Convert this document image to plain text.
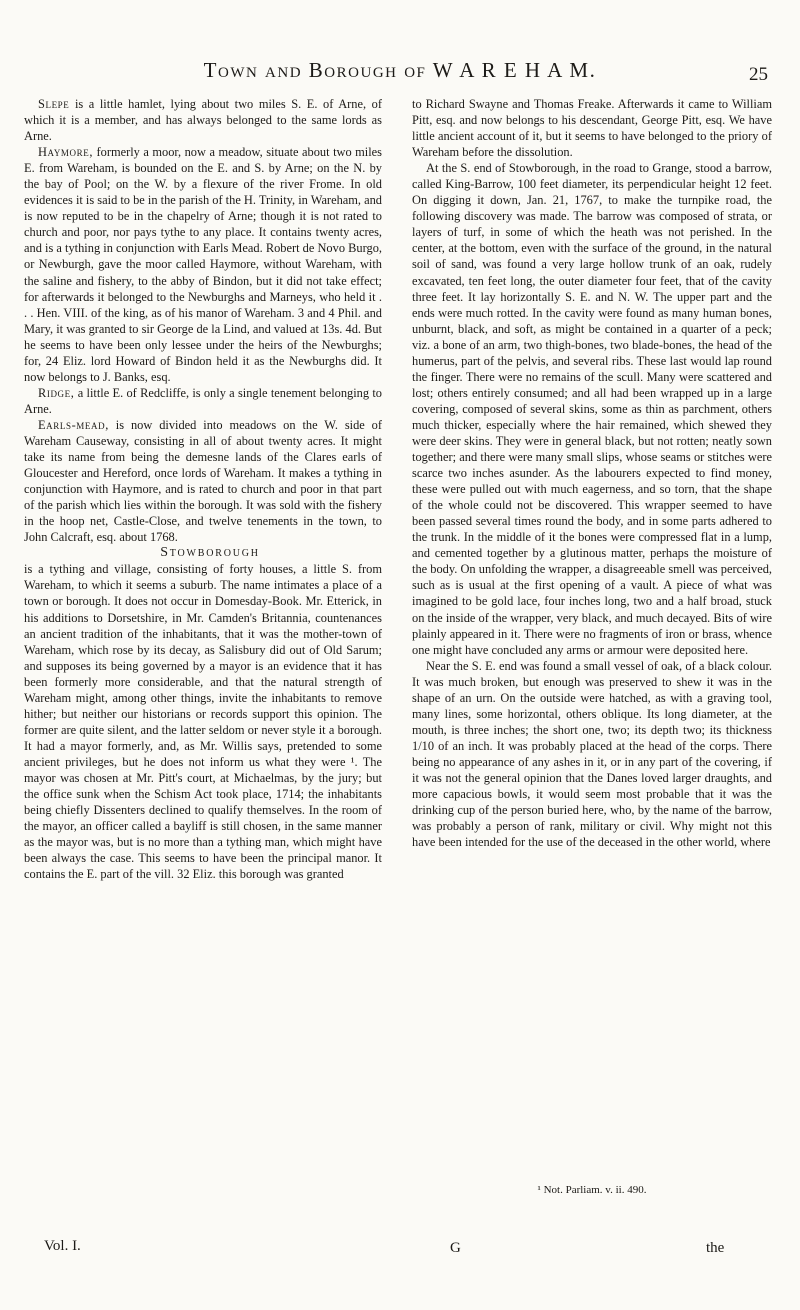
Town and Borough of W A R E H A M.	25

Slepe is a little hamlet, lying about two miles S. E. of Arne, of which it is a member, and has always belonged to the same lords as Arne.

Haymore, formerly a moor, now a meadow, situate about two miles E. from Wareham, is bounded on the E. and S. by Arne; on the N. by the bay of Pool; on the W. by a flexure of the river Frome. In old evidences it is said to be in the parish of the H. Trinity, in Wareham, and is now reputed to be in the chapelry of Arne; though it is not rated to church and poor, nor pays tythe to any place. It contains twenty acres, and is a tything in conjunction with Earls Mead. Robert de Novo Burgo, or Newburgh, gave the moor called Haymore, without Wareham, with the saline and fishery, to the abby of Bindon, but it did not take effect; for afterwards it belonged to the Newburghs and Marneys, who held it . . . Hen. VIII. of the king, as of his manor of Wareham. 3 and 4 Phil. and Mary, it was granted to sir George de la Lind, and valued at 13s. 4d. But he seems to have been only lessee under the heirs of the Newburghs; for, 24 Eliz. lord Howard of Bindon held it as the Newburghs did. It now belongs to J. Banks, esq.

Ridge, a little E. of Redcliffe, is only a single tenement belonging to Arne.

Earls-mead, is now divided into meadows on the W. side of Wareham Causeway, consisting in all of about twenty acres. It might take its name from being the demesne lands of the Clares earls of Gloucester and Hereford, once lords of Wareham. It makes a tything in conjunction with Haymore, and is rated to church and poor in that part of the parish which lies within the borough. It was sold with the fishery in the hoop net, Castle-Close, and twelve tenements in the town, to John Calcraft, esq. about 1768.

Stowborough

is a tything and village, consisting of forty houses, a little S. from Wareham, to which it seems a suburb. The name intimates a place of a town or borough. It does not occur in Domesday-Book. Mr. Etterick, in his additions to Dorsetshire, in Mr. Camden's Britannia, countenances an ancient tradition of the inhabitants, that it was the mother-town of Wareham, which rose by its decay, as Salisbury did out of Old Sarum; and supposes its being governed by a mayor is an evidence that it has been formerly more considerable, and that the natural strength of Wareham might, among other things, invite the inhabitants to remove hither; but neither our historians or records support this opinion. The former are quite silent, and the latter seldom or never style it a borough. It had a mayor formerly, and, as Mr. Willis says, pretended to some ancient privileges, but he does not inform us what they were ¹. The mayor was chosen at Mr. Pitt's court, at Michaelmas, by the jury; but the office sunk when the Schism Act took place, 1714; the inhabitants being chiefly Dissenters declined to qualify themselves. In the room of the mayor, an officer called a bayliff is still chosen, in the same manner as the mayor was, but is no more than a tything man, which might have been always the case. This seems to have been the principal manor. It contains the E. part of the vill. 32 Eliz. this borough was granted

to Richard Swayne and Thomas Freake. Afterwards it came to William Pitt, esq. and now belongs to his descendant, George Pitt, esq. We have little ancient account of it, but it seems to have belonged to the priory of Wareham before the dissolution.

At the S. end of Stowborough, in the road to Grange, stood a barrow, called King-Barrow, 100 feet diameter, its perpendicular height 12 feet. On digging it down, Jan. 21, 1767, to make the turnpike road, the following discovery was made. The barrow was composed of strata, or layers of turf, in some of which the heath was not perished. In the center, at the bottom, even with the surface of the ground, in the natural soil of sand, was found a very large hollow trunk of an oak, rudely excavated, ten feet long, the outer diameter four feet, that of the cavity three feet. It lay horizontally S. E. and N. W. The upper part and the ends were much rotted. In the cavity were found as many human bones, unburnt, black, and soft, as might be contained in a quarter of a peck; viz. a bone of an arm, two thigh-bones, two blade-bones, the head of the humerus, part of the pelvis, and several ribs. These last would lap round the finger. There were no remains of the scull. Many were scattered and lost; others entirely consumed; and all had been wrapped up in a large covering, composed of several skins, some as thin as parchment, others much thicker, especially where the hair remained, which shewed they were deer skins. They were in general black, but not rotten; neatly sown together; and there were many small slips, whose seams or stitches were scarce two inches asunder. As the labourers expected to find money, these were pulled out with much eagerness, and so torn, that the shape of the whole could not be discovered. This wrapper seemed to have been passed several times round the body, and in some parts adhered to the trunk. In the middle of it the bones were compressed flat in a lump, and cemented together by a glutinous matter, perhaps the moisture of the body. On unfolding the wrapper, a disagreeable smell was perceived, such as is usual at the first opening of a vault. A piece of what was imagined to be gold lace, four inches long, two and a half broad, stuck on the inside of the wrapper, very black, and much decayed. Bits of wire plainly appeared in it. There were no fragments of iron or brass, whence one might have concluded any arms or armour were deposited here.

Near the S. E. end was found a small vessel of oak, of a black colour. It was much broken, but enough was preserved to shew it was in the shape of an urn. On the outside were hatched, as with a graving tool, many lines, some horizontal, others oblique. Its long diameter, at the mouth, is three inches; the short one, two; its depth two; its thickness 1/10 of an inch. It was probably placed at the head of the corps. There being no appearance of any ashes in it, or in any part of the covering, if it was not the general opinion that the Danes loved larger draughts, and more capacious bowls, it would seem most probable that it was the drinking cup of the person buried here, who, by the name of the barrow, was probably a person of rank, military or civil. Why might not this have been intended for the use of the deceased in the other world, where

¹ Not. Parliam. v. ii. 490.
Vol. I.	G	the
